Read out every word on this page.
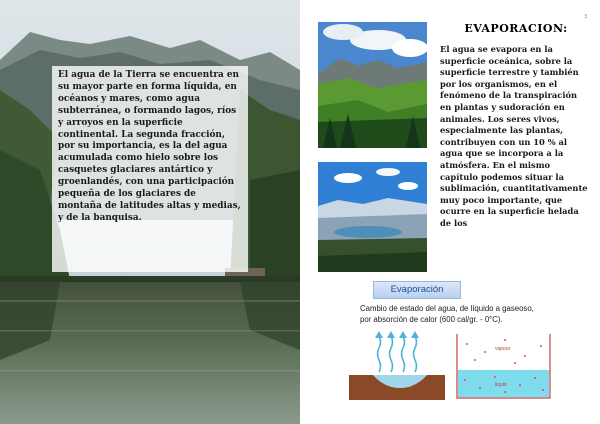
2

El agua de la Tierra se encuentra en su mayor parte en forma líquida, en océanos y mares, como agua subterránea, o formando lagos, ríos y arroyos en la superficie continental. La segunda fracción, por su importancia, es la del agua acumulada como hielo sobre los casquetes glaciares antártico y groenlandés, con una participación pequeña de los glaciares de montaña de latitudes altas y medias, y de la banquisa.

3
EVAPORACION:

El agua se evapora en la superficie oceánica, sobre la superficie terrestre y también por los organismos, en el fenómeno de la transpiración en plantas y sudoración en animales. Los seres vivos, especialmente las plantas, contribuyen con un 10 % al agua que se incorpora a la atmósfera. En el mismo capítulo podemos situar la sublimación, cuantitativamente muy poco importante, que ocurre en la superficie helada de los

Evaporación

Cambio de estado del agua, de líquido a gaseoso,
por absorción de calor (600 cal/gr. - 0°C).

vapour
liquid
